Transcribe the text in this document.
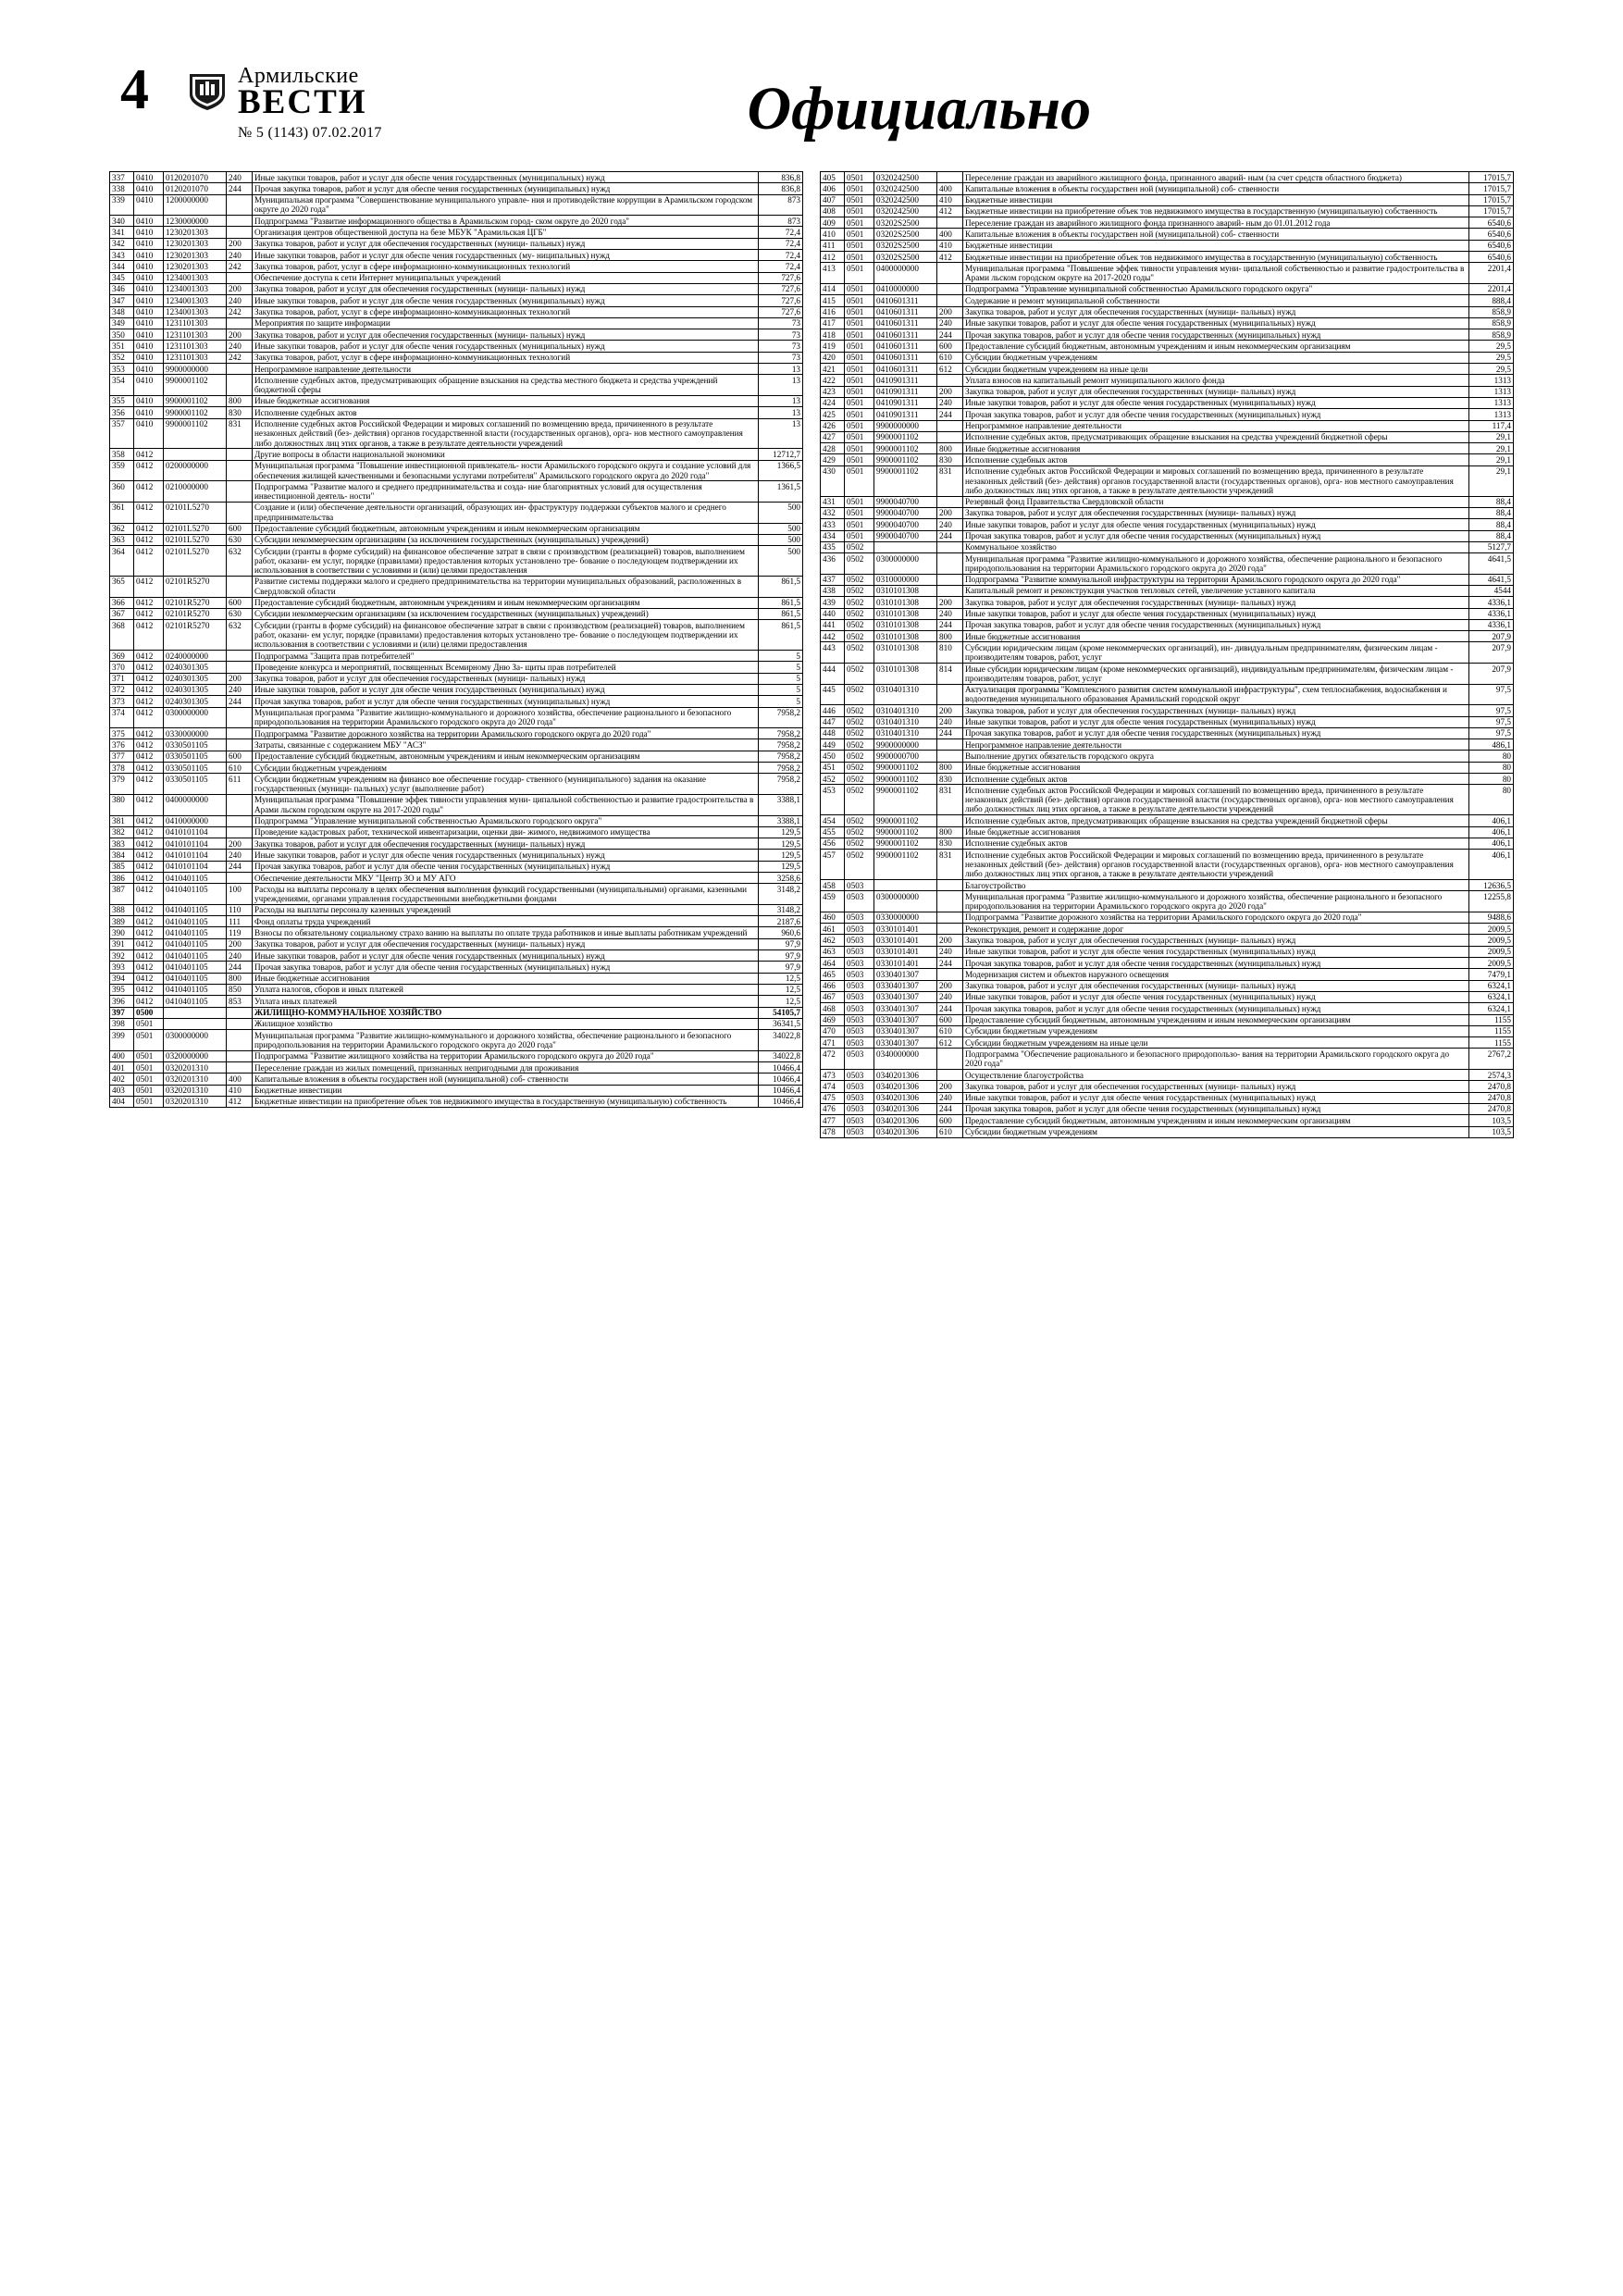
4	Армильские
ВЕСТИ
№ 5 (1143) 07.02.2017	Официально
337	0410	0120201070	240	Иные закупки товаров, работ и услуг для обеспе чения государственных (муниципальных) нужд	836,8
338	0410	0120201070	244	Прочая закупка товаров, работ и услуг для обеспе чения государственных (муниципальных) нужд	836,8
339	0410	1200000000		Муниципальная программа "Совершенствование муниципального управле- ния и противодействие коррупции в Арамильском городском округе до 2020 года"	873
340	0410	1230000000		Подпрограмма "Развитие информационного общества в Арамильском город- ском округе до 2020 года"	873
341	0410	1230201303		Организация центров общественной доступа на безе МБУК "Арамильская ЦГБ"	72,4
342	0410	1230201303	200	Закупка товаров, работ и услуг для обеспечения государственных (муници- пальных) нужд	72,4
343	0410	1230201303	240	Иные закупки товаров, работ и услуг для обеспе чения государственных (му- ниципальных) нужд	72,4
344	0410	1230201303	242	Закупка товаров, работ, услуг в сфере информационно-коммуникационных технологий	72,4
345	0410	1234001303		Обеспечение доступа к сети Интернет муниципальных учреждений	727,6
346	0410	1234001303	200	Закупка товаров, работ и услуг для обеспечения государственных (муници- пальных) нужд	727,6
347	0410	1234001303	240	Иные закупки товаров, работ и услуг для обеспе чения государственных (муниципальных) нужд	727,6
348	0410	1234001303	242	Закупка товаров, работ, услуг в сфере информационно-коммуникационных технологий	727,6
349	0410	1231101303		Мероприятия по защите информации	73
350	0410	1231101303	200	Закупка товаров, работ и услуг для обеспечения государственных (муници- пальных) нужд	73
351	0410	1231101303	240	Иные закупки товаров, работ и услуг для обеспе чения государственных (муниципальных) нужд	73
352	0410	1231101303	242	Закупка товаров, работ, услуг в сфере информационно-коммуникационных технологий	73
353	0410	9900000000		Непрограммное направление деятельности	13
354	0410	9900001102		Исполнение судебных актов, предусматривающих обращение взыскания на средства местного бюджета и средства учреждений бюджетной сферы	13
355	0410	9900001102	800	Иные бюджетные ассигнования	13
356	0410	9900001102	830	Исполнение судебных актов	13
357	0410	9900001102	831	Исполнение судебных актов Российской Федерации и мировых соглашений по возмещению вреда, причиненного в результате незаконных действий (без- действия) органов государственной власти (государственных органов), орга- нов местного самоуправления либо должностных лиц этих органов, а также в результате деятельности учреждений	13
358	0412			Другие вопросы в области национальной экономики	12712,7
359	0412	0200000000		Муниципальная программа "Повышение инвестиционной привлекатель- ности Арамильского городского округа и создание условий для обеспечения жилищей качественными и безопасными услугами потребителя" Арамильского городского округа до 2020 года"	1366,5
360	0412	0210000000		Подпрограмма "Развитие малого и среднего предпринимательства и созда- ние благоприятных условий для осуществления инвестиционной деятель- ности"	1361,5
361	0412	02101L5270		Создание и (или) обеспечение деятельности организаций, образующих ин- фраструктуру поддержки субъектов малого и среднего предпринимательства	500
362	0412	02101L5270	600	Предоставление субсидий бюджетным, автономным учреждениям и иным некоммерческим организациям	500
363	0412	02101L5270	630	Субсидии некоммерческим организациям (за исключением государственных (муниципальных) учреждений)	500
364	0412	02101L5270	632	Субсидии (гранты в форме субсидий) на финансовое обеспечение затрат в связи с производством (реализацией) товаров, выполнением работ, оказани- ем услуг, порядке (правилами) предоставления которых установлено тре- бование о последующем подтверждении их использования в соответствии с условиями и (или) целями предоставления	500
365	0412	02101R5270		Развитие системы поддержки малого и среднего предпринимательства на территории муниципальных образований, расположенных в Свердловской области	861,5
366	0412	02101R5270	600	Предоставление субсидий бюджетным, автономным учреждениям и иным некоммерческим организациям	861,5
367	0412	02101R5270	630	Субсидии некоммерческим организациям (за исключением государственных (муниципальных) учреждений)	861,5
368	0412	02101R5270	632	Субсидии (гранты в форме субсидий) на финансовое обеспечение затрат в связи с производством (реализацией) товаров, выполнением работ, оказани- ем услуг, порядке (правилами) предоставления которых установлено тре- бование о последующем подтверждении их использования в соответствии с условиями и (или) целями предоставления	861,5
369	0412	0240000000		Подпрограмма "Защита прав потребителей"	5
370	0412	0240301305		Проведение конкурса и мероприятий, посвященных Всемирному Дню За- щиты прав потребителей	5
371	0412	0240301305	200	Закупка товаров, работ и услуг для обеспечения государственных (муници- пальных) нужд	5
372	0412	0240301305	240	Иные закупки товаров, работ и услуг для обеспе чения государственных (муниципальных) нужд	5
373	0412	0240301305	244	Прочая закупка товаров, работ и услуг для обеспе чения государственных (муниципальных) нужд	5
374	0412	0300000000		Муниципальная программа "Развитие жилищно-коммунального и дорожного хозяйства, обеспечение рационального и безопасного природопользования на территории Арамильского городского округа до 2020 года"	7958,2
375	0412	0330000000		Подпрограмма "Развитие дорожного хозяйства на территории Арамильского городского округа до 2020 года"	7958,2
376	0412	0330501105		Затраты, связанные с содержанием МБУ "АСЗ"	7958,2
377	0412	0330501105	600	Предоставление субсидий бюджетным, автономным учреждениям и иным некоммерческим организациям	7958,2
378	0412	0330501105	610	Субсидии бюджетным учреждениям	7958,2
379	0412	0330501105	611	Субсидии бюджетным учреждениям на финансо вое обеспечение государ- ственного (муниципального) задания на оказание государственных (муници- пальных) услуг (выполнение работ)	7958,2
380	0412	0400000000		Муниципальная программа "Повышение эффек тивности управления муни- ципальной собственностью и развитие градостроительства в Арами льском городском округе на 2017-2020 годы"	3388,1
381	0412	0410000000		Подпрограмма "Управление муниципальной собственностью Арамильского городского округа"	3388,1
382	0412	0410101104		Проведение кадастровых работ, технической инвентаризации, оценки дви- жимого, недвижимого имущества	129,5
383	0412	0410101104	200	Закупка товаров, работ и услуг для обеспечения государственных (муници- пальных) нужд	129,5
384	0412	0410101104	240	Иные закупки товаров, работ и услуг для обеспе чения государственных (муниципальных) нужд	129,5
385	0412	0410101104	244	Прочая закупка товаров, работ и услуг для обеспе чения государственных (муниципальных) нужд	129,5
386	0412	0410401105		Обеспечение деятельности МКУ "Центр ЗО и МУ АГО	3258,6
387	0412	0410401105	100	Расходы на выплаты персоналу в целях обеспечения выполнения функций государственными (муниципальными) органами, казенными учреждениями, органами управления государственными внебюджетными фондами	3148,2
388	0412	0410401105	110	Расходы на выплаты персоналу казенных учреждений	3148,2
389	0412	0410401105	111	Фонд оплаты труда учреждений	2187,6
390	0412	0410401105	119	Взносы по обязательному социальному страхо ванию на выплаты по оплате труда работников и иные выплаты работникам учреждений	960,6
391	0412	0410401105	200	Закупка товаров, работ и услуг для обеспечения государственных (муници- пальных) нужд	97,9
392	0412	0410401105	240	Иные закупки товаров, работ и услуг для обеспе чения государственных (муниципальных) нужд	97,9
393	0412	0410401105	244	Прочая закупка товаров, работ и услуг для обеспе чения государственных (муниципальных) нужд	97,9
394	0412	0410401105	800	Иные бюджетные ассигнования	12,5
395	0412	0410401105	850	Уплата налогов, сборов и иных платежей	12,5
396	0412	0410401105	853	Уплата иных платежей	12,5
397	0500			ЖИЛИЩНО-КОММУНАЛЬНОЕ ХОЗЯЙСТВО	54105,7
398	0501			Жилищное хозяйство	36341,5
399	0501	0300000000		Муниципальная программа "Развитие жилищно-коммунального и дорожного хозяйства, обеспечение рационального и безопасного природопользования на территории Арамильского городского округа до 2020 года"	34022,8
400	0501	0320000000		Подпрограмма "Развитие жилищного хозяйства на территории Арамильского городского округа до 2020 года"	34022,8
401	0501	0320201310		Переселение граждан из жилых помещений, признанных непригодными для проживания	10466,4
402	0501	0320201310	400	Капитальные вложения в объекты государствен ной (муниципальной) соб- ственности	10466,4
403	0501	0320201310	410	Бюджетные инвестиции	10466,4
404	0501	0320201310	412	Бюджетные инвестиции на приобретение объек тов недвижимого имущества в государственную (муниципальную) собственность	10466,4
405	0501	0320242500		Переселение граждан из аварийного жилищного фонда, признанного аварий- ным (за счет средств областного бюджета)	17015,7
406	0501	0320242500	400	Капитальные вложения в объекты государствен ной (муниципальной) соб- ственности	17015,7
407	0501	0320242500	410	Бюджетные инвестиции	17015,7
408	0501	0320242500	412	Бюджетные инвестиции на приобретение объек тов недвижимого имущества в государственную (муниципальную) собственность	17015,7
409	0501	03202S2500		Переселение граждан из аварийного жилищного фонда признанного аварий- ным до 01.01.2012 года	6540,6
410	0501	03202S2500	400	Капитальные вложения в объекты государствен ной (муниципальной) соб- ственности	6540,6
411	0501	03202S2500	410	Бюджетные инвестиции	6540,6
412	0501	03202S2500	412	Бюджетные инвестиции на приобретение объек тов недвижимого имущества в государственную (муниципальную) собственность	6540,6
413	0501	0400000000		Муниципальная программа "Повышение эффек тивности управления муни- ципальной собственностью и развитие градостроительства в Арами льском городском округе на 2017-2020 годы"	2201,4
414	0501	0410000000		Подпрограмма "Управление муниципальной собственностью Арамильского городского округа"	2201,4
415	0501	0410601311		Содержание и ремонт муниципальной собственности	888,4
416	0501	0410601311	200	Закупка товаров, работ и услуг для обеспечения государственных (муници- пальных) нужд	858,9
417	0501	0410601311	240	Иные закупки товаров, работ и услуг для обеспе чения государственных (муниципальных) нужд	858,9
418	0501	0410601311	244	Прочая закупка товаров, работ и услуг для обеспе чения государственных (муниципальных) нужд	858,9
419	0501	0410601311	600	Предоставление субсидий бюджетным, автономным учреждениям и иным некоммерческим организациям	29,5
420	0501	0410601311	610	Субсидии бюджетным учреждениям	29,5
421	0501	0410601311	612	Субсидии бюджетным учреждениям на иные цели	29,5
422	0501	0410901311		Уплата взносов на капитальный ремонт муниципального жилого фонда	1313
423	0501	0410901311	200	Закупка товаров, работ и услуг для обеспечения государственных (муници- пальных) нужд	1313
424	0501	0410901311	240	Иные закупки товаров, работ и услуг для обеспе чения государственных (муниципальных) нужд	1313
425	0501	0410901311	244	Прочая закупка товаров, работ и услуг для обеспе чения государственных (муниципальных) нужд	1313
426	0501	9900000000		Непрограммное направление деятельности	117,4
427	0501	9900001102		Исполнение судебных актов, предусматривающих обращение взыскания на средства учреждений бюджетной сферы	29,1
428	0501	9900001102	800	Иные бюджетные ассигнования	29,1
429	0501	9900001102	830	Исполнение судебных актов	29,1
430	0501	9900001102	831	Исполнение судебных актов Российской Федерации и мировых соглашений по возмещению вреда, причиненного в результате незаконных действий (без- действия) органов государственной власти (государственных органов), орга- нов местного самоуправления либо должностных лиц этих органов, а также в результате деятельности учреждений	29,1
431	0501	9900040700		Резервный фонд Правительства Свердловской области	88,4
432	0501	9900040700	200	Закупка товаров, работ и услуг для обеспечения государственных (муници- пальных) нужд	88,4
433	0501	9900040700	240	Иные закупки товаров, работ и услуг для обеспе чения государственных (муниципальных) нужд	88,4
434	0501	9900040700	244	Прочая закупка товаров, работ и услуг для обеспе чения государственных (муниципальных) нужд	88,4
435	0502			Коммунальное хозяйство	5127,7
436	0502	0300000000		Муниципальная программа "Развитие жилищно-коммунального и дорожного хозяйства, обеспечение рационального и безопасного природопользования на территории Арамильского городского округа до 2020 года"	4641,5
437	0502	0310000000		Подпрограмма "Развитие коммунальной инфраструктуры на территории Арамильского городского округа до 2020 года"	4641,5
438	0502	0310101308		Капитальный ремонт и реконструкция участков тепловых сетей, увеличение уставного капитала	4544
439	0502	0310101308	200	Закупка товаров, работ и услуг для обеспечения государственных (муници- пальных) нужд	4336,1
440	0502	0310101308	240	Иные закупки товаров, работ и услуг для обеспе чения государственных (муниципальных) нужд	4336,1
441	0502	0310101308	244	Прочая закупка товаров, работ и услуг для обеспе чения государственных (муниципальных) нужд	4336,1
442	0502	0310101308	800	Иные бюджетные ассигнования	207,9
443	0502	0310101308	810	Субсидии юридическим лицам (кроме некоммерческих организаций), ин- дивидуальным предпринимателям, физическим лицам - производителям товаров, работ, услуг	207,9
444	0502	0310101308	814	Иные субсидии юридическим лицам (кроме некоммерческих организаций), индивидуальным предпринимателям, физическим лицам - производителям товаров, работ, услуг	207,9
445	0502	0310401310		Актуализация программы "Комплексного развития систем коммунальной инфраструктуры", схем теплоснабжения, водоснабжения и водоотведения муниципального образования Арамильский городской округ	97,5
446	0502	0310401310	200	Закупка товаров, работ и услуг для обеспечения государственных (муници- пальных) нужд	97,5
447	0502	0310401310	240	Иные закупки товаров, работ и услуг для обеспе чения государственных (муниципальных) нужд	97,5
448	0502	0310401310	244	Прочая закупка товаров, работ и услуг для обеспе чения государственных (муниципальных) нужд	97,5
449	0502	9900000000		Непрограммное направление деятельности	486,1
450	0502	9900000700		Выполнение других обязательств городского округа	80
451	0502	9900001102	800	Иные бюджетные ассигнования	80
452	0502	9900001102	830	Исполнение судебных актов	80
453	0502	9900001102	831	Исполнение судебных актов Российской Федерации и мировых соглашений по возмещению вреда, причиненного в результате незаконных действий (без- действия) органов государственной власти (государственных органов), орга- нов местного самоуправления либо должностных лиц этих органов, а также в результате деятельности учреждений	80
454	0502	9900001102		Исполнение судебных актов, предусматривающих обращение взыскания на средства учреждений бюджетной сферы	406,1
455	0502	9900001102	800	Иные бюджетные ассигнования	406,1
456	0502	9900001102	830	Исполнение судебных актов	406,1
457	0502	9900001102	831	Исполнение судебных актов Российской Федерации и мировых соглашений по возмещению вреда, причиненного в результате незаконных действий (без- действия) органов государственной власти (государственных органов), орга- нов местного самоуправления либо должностных лиц этих органов, а также в результате деятельности учреждений	406,1
458	0503			Благоустройство	12636,5
459	0503	0300000000		Муниципальная программа "Развитие жилищно-коммунального и дорожного хозяйства, обеспечение рационального и безопасного природопользования на территории Арамильского городского округа до 2020 года"	12255,8
460	0503	0330000000		Подпрограмма "Развитие дорожного хозяйства на территории Арамильского городского округа до 2020 года"	9488,6
461	0503	0330101401		Реконструкция, ремонт и содержание дорог	2009,5
462	0503	0330101401	200	Закупка товаров, работ и услуг для обеспечения государственных (муници- пальных) нужд	2009,5
463	0503	0330101401	240	Иные закупки товаров, работ и услуг для обеспе чения государственных (муниципальных) нужд	2009,5
464	0503	0330101401	244	Прочая закупка товаров, работ и услуг для обеспе чения государственных (муниципальных) нужд	2009,5
465	0503	0330401307		Модернизация систем и объектов наружного освещения	7479,1
466	0503	0330401307	200	Закупка товаров, работ и услуг для обеспечения государственных (муници- пальных) нужд	6324,1
467	0503	0330401307	240	Иные закупки товаров, работ и услуг для обеспе чения государственных (муниципальных) нужд	6324,1
468	0503	0330401307	244	Прочая закупка товаров, работ и услуг для обеспе чения государственных (муниципальных) нужд	6324,1
469	0503	0330401307	600	Предоставление субсидий бюджетным, автономным учреждениям и иным некоммерческим организациям	1155
470	0503	0330401307	610	Субсидии бюджетным учреждениям	1155
471	0503	0330401307	612	Субсидии бюджетным учреждениям на иные цели	1155
472	0503	0340000000		Подпрограмма "Обеспечение рационального и безопасного природопользо- вания на территории Арамильского городского округа до 2020 года"	2767,2
473	0503	0340201306		Осуществление благоустройства	2574,3
474	0503	0340201306	200	Закупка товаров, работ и услуг для обеспечения государственных (муници- пальных) нужд	2470,8
475	0503	0340201306	240	Иные закупки товаров, работ и услуг для обеспе чения государственных (муниципальных) нужд	2470,8
476	0503	0340201306	244	Прочая закупка товаров, работ и услуг для обеспе чения государственных (муниципальных) нужд	2470,8
477	0503	0340201306	600	Предоставление субсидий бюджетным, автономным учреждениям и иным некоммерческим организациям	103,5
478	0503	0340201306	610	Субсидии бюджетным учреждениям	103,5
